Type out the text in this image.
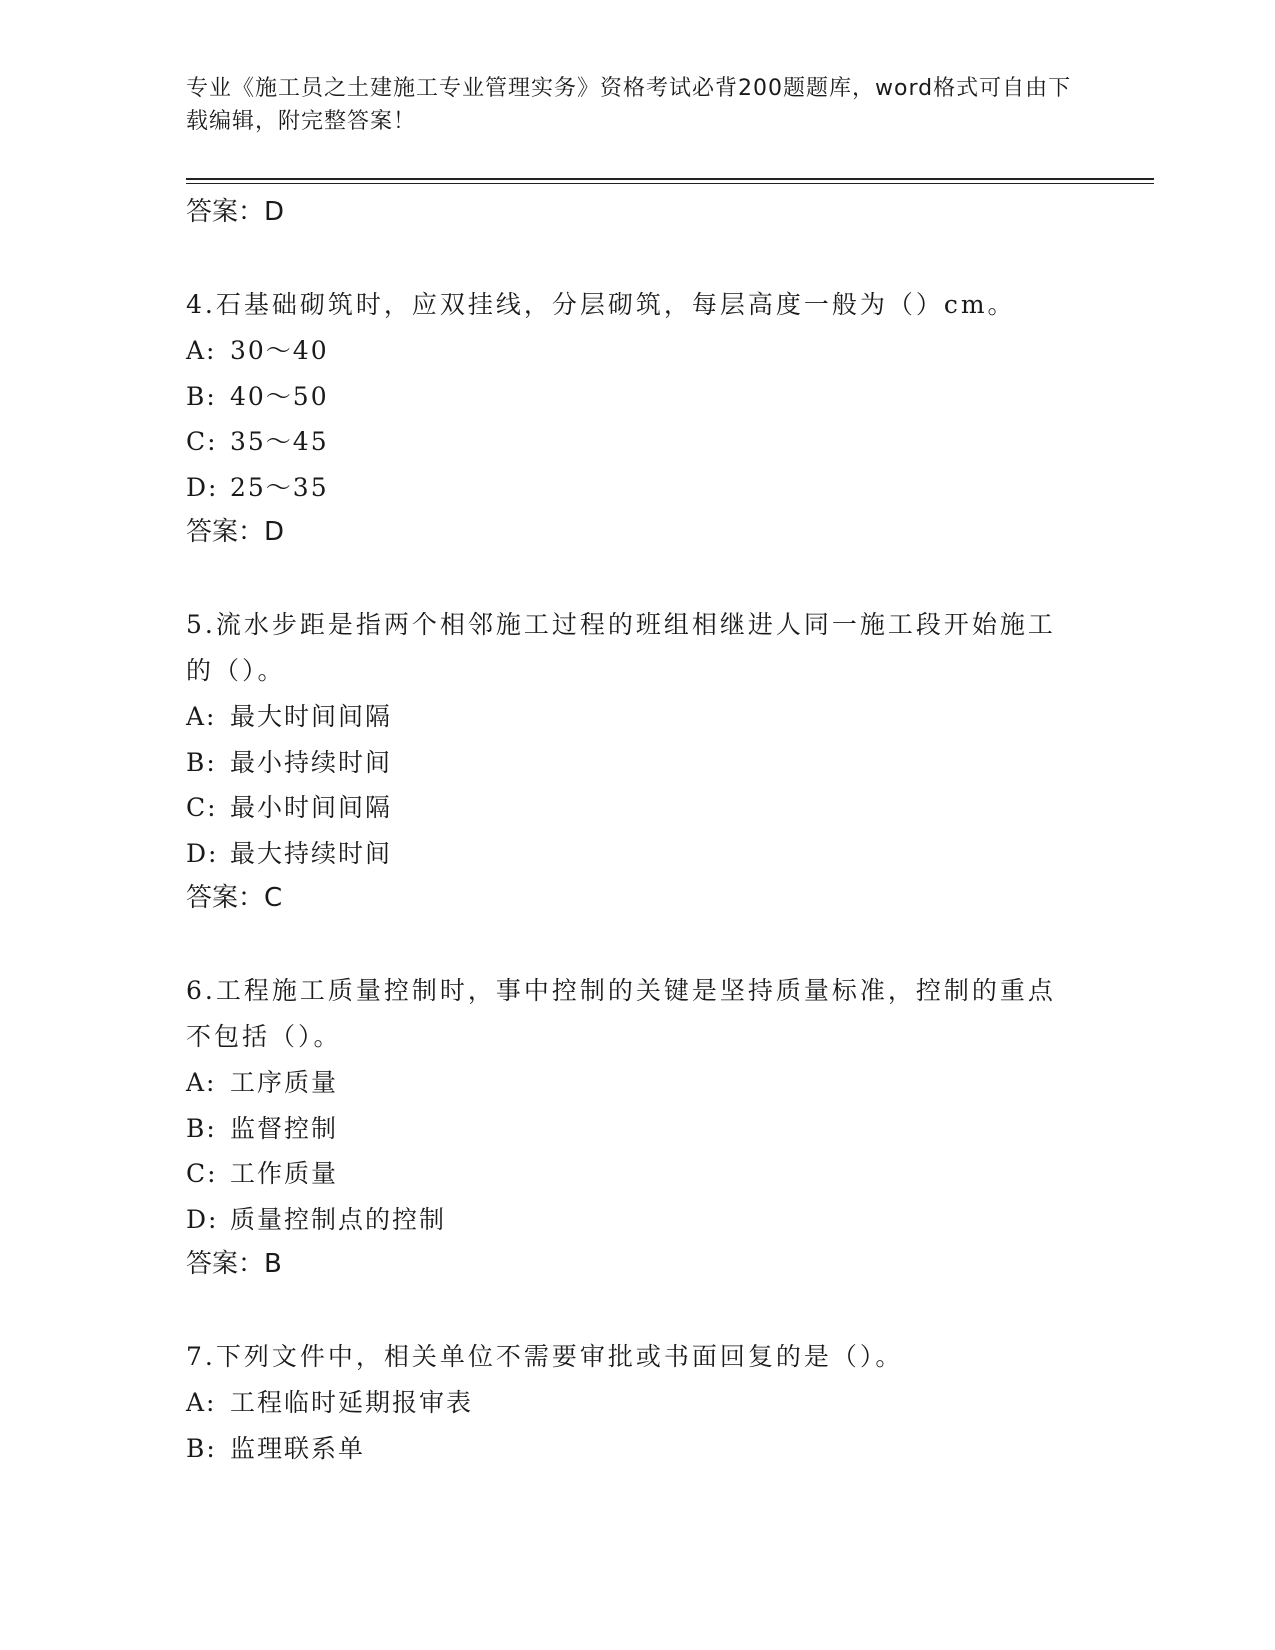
专业《施工员之土建施工专业管理实务》资格考试必背200题题库，word格式可自由下载编辑，附完整答案！
答案：D
4.石基础砌筑时，应双挂线，分层砌筑，每层高度一般为（）cm。
A: 30～40
B: 40～50
C: 35～45
D: 25～35
答案：D
5.流水步距是指两个相邻施工过程的班组相继进人同一施工段开始施工的（）。
A: 最大时间间隔
B: 最小持续时间
C: 最小时间间隔
D: 最大持续时间
答案：C
6.工程施工质量控制时，事中控制的关键是坚持质量标准，控制的重点不包括（）。
A: 工序质量
B: 监督控制
C: 工作质量
D: 质量控制点的控制
答案：B
7.下列文件中，相关单位不需要审批或书面回复的是（）。
A: 工程临时延期报审表
B: 监理联系单
